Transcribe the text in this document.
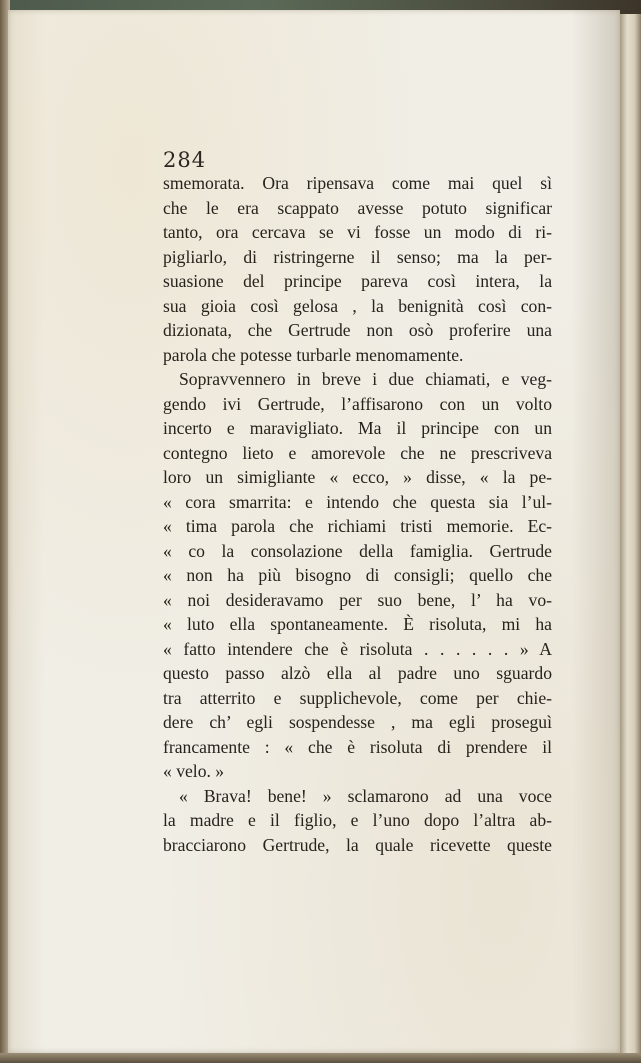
284

smemorata. Ora ripensava come mai quel sì
che le era scappato avesse potuto significar
tanto, ora cercava se vi fosse un modo di ri-
pigliarlo, di ristringerne il senso; ma la per-
suasione del principe pareva così intera, la
sua gioia così gelosa , la benignità così con-
dizionata, che Gertrude non osò proferire una
parola che potesse turbarle menomamente.
Sopravvennero in breve i due chiamati, e veg-
gendo ivi Gertrude, l’affisarono con un volto
incerto e maravigliato. Ma il principe con un
contegno lieto e amorevole che ne prescriveva
loro un simigliante « ecco, » disse, « la pe-
« cora smarrita: e intendo che questa sia l’ul-
« tima parola che richiami tristi memorie. Ec-
« co la consolazione della famiglia. Gertrude
« non ha più bisogno di consigli; quello che
« noi desideravamo per suo bene, l’ ha vo-
« luto ella spontaneamente. È risoluta, mi ha
« fatto intendere che è risoluta . . . . . . » A
questo passo alzò ella al padre uno sguardo
tra atterrito e supplichevole, come per chie-
dere ch’ egli sospendesse , ma egli proseguì
francamente : « che è risoluta di prendere il
« velo. »
« Brava! bene! » sclamarono ad una voce
la madre e il figlio, e l’uno dopo l’altra ab-
bracciarono Gertrude, la quale ricevette queste
